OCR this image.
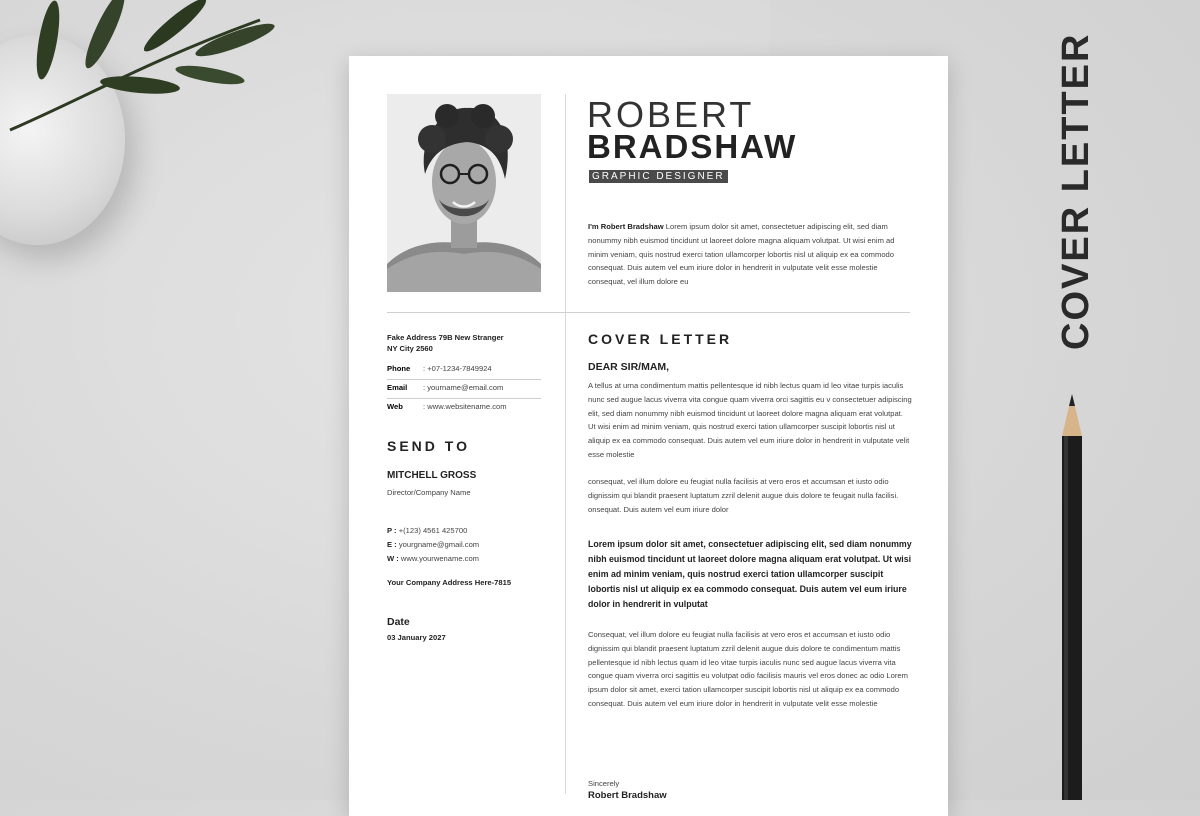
ROBERT
BRADSHAW
GRAPHIC DESIGNER
I'm Robert Bradshaw Lorem ipsum dolor sit amet, consectetuer adipiscing elit, sed diam nonummy nibh euismod tincidunt ut laoreet dolore magna aliquam volutpat. Ut wisi enim ad minim veniam, quis nostrud exerci tation ullamcorper lobortis nisl ut aliquip ex ea commodo consequat. Duis autem vel eum iriure dolor in hendrerit in vulputate velit esse molestie consequat, vel illum dolore eu
Fake Address 79B New Stranger
NY City 2560
Phone : +07-1234-7849924
Email : yourname@email.com
Web	: www.websitename.com
SEND TO
MITCHELL GROSS
Director/Company Name
P : +(123) 4561 425700
E : yourgname@gmail.com
W : www.yourwename.com
Your Company Address Here-7815
Date
03 January 2027
COVER LETTER
DEAR SIR/MAM,
A tellus at urna condimentum mattis pellentesque id nibh lectus quam id leo vitae turpis iaculis nunc sed augue lacus viverra vita congue quam viverra orci sagittis eu v consectetuer adipiscing elit, sed diam nonummy nibh euismod tincidunt ut laoreet dolore magna aliquam erat volutpat. Ut wisi enim ad minim veniam, quis nostrud exerci tation ullamcorper suscipit lobortis nisl ut aliquip ex ea commodo consequat. Duis autem vel eum iriure dolor in hendrerit in vulputate velit esse molestie
consequat, vel illum dolore eu feugiat nulla facilisis at vero eros et accumsan et iusto odio dignissim qui blandit praesent luptatum zzril delenit augue duis dolore te feugait nulla facilisi. onsequat. Duis autem vel eum iriure dolor
Lorem ipsum dolor sit amet, consectetuer adipiscing elit, sed diam nonummy nibh euismod tincidunt ut laoreet dolore magna aliquam erat volutpat. Ut wisi enim ad minim veniam, quis nostrud exerci tation ullamcorper suscipit lobortis nisl ut aliquip ex ea commodo consequat. Duis autem vel eum iriure dolor in hendrerit in vulputat
Consequat, vel illum dolore eu feugiat nulla facilisis at vero eros et accumsan et iusto odio dignissim qui blandit praesent luptatum zzril delenit augue duis dolore te condimentum mattis pellentesque id nibh lectus quam id leo vitae turpis iaculis nunc sed augue lacus viverra vita congue quam viverra orci sagittis eu volutpat odio facilisis mauris vel eros donec ac odio Lorem ipsum dolor sit amet, exerci tation ullamcorper suscipit lobortis nisl ut aliquip ex ea commodo consequat. Duis autem vel eum iriure dolor in hendrerit in vulputate velit esse molestie
Sincerely
Robert Bradshaw
COVER LETTER
